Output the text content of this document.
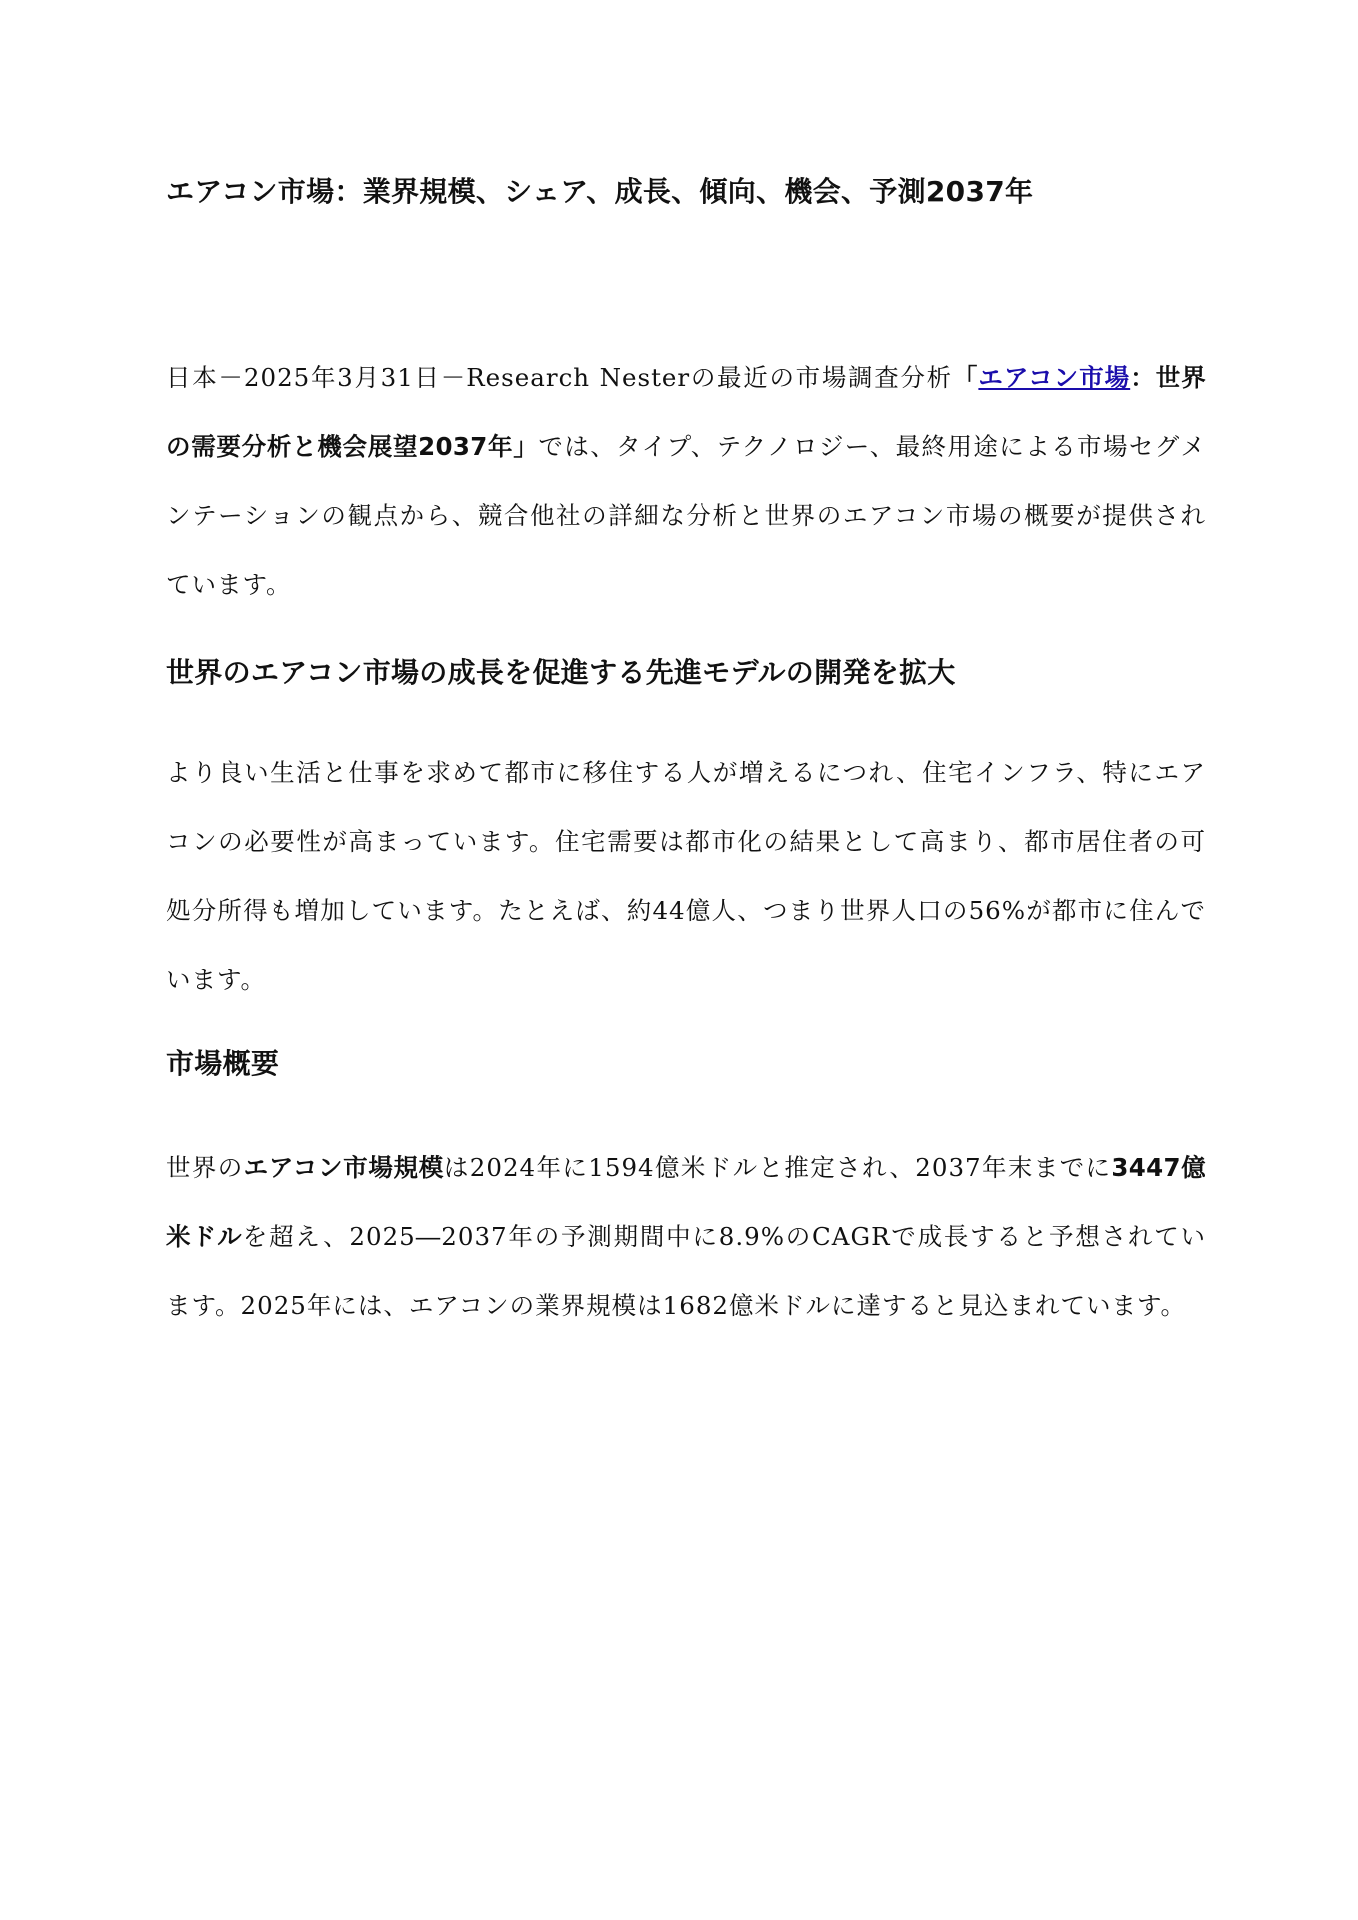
エアコン市場：業界規模、シェア、成長、傾向、機会、予測2037年

日本－2025年3月31日－Research Nesterの最近の市場調査分析「エアコン市場：世界の需要分析と機会展望2037年」では、タイプ、テクノロジー、最終用途による市場セグメンテーションの観点から、競合他社の詳細な分析と世界のエアコン市場の概要が提供されています。

世界のエアコン市場の成長を促進する先進モデルの開発を拡大

より良い生活と仕事を求めて都市に移住する人が増えるにつれ、住宅インフラ、特にエアコンの必要性が高まっています。住宅需要は都市化の結果として高まり、都市居住者の可処分所得も増加しています。たとえば、約44億人、つまり世界人口の56%が都市に住んでいます。

市場概要

世界のエアコン市場規模は2024年に1594億米ドルと推定され、2037年末までに3447億米ドルを超え、2025―2037年の予測期間中に8.9%のCAGRで成長すると予想されています。2025年には、エアコンの業界規模は1682億米ドルに達すると見込まれています。
